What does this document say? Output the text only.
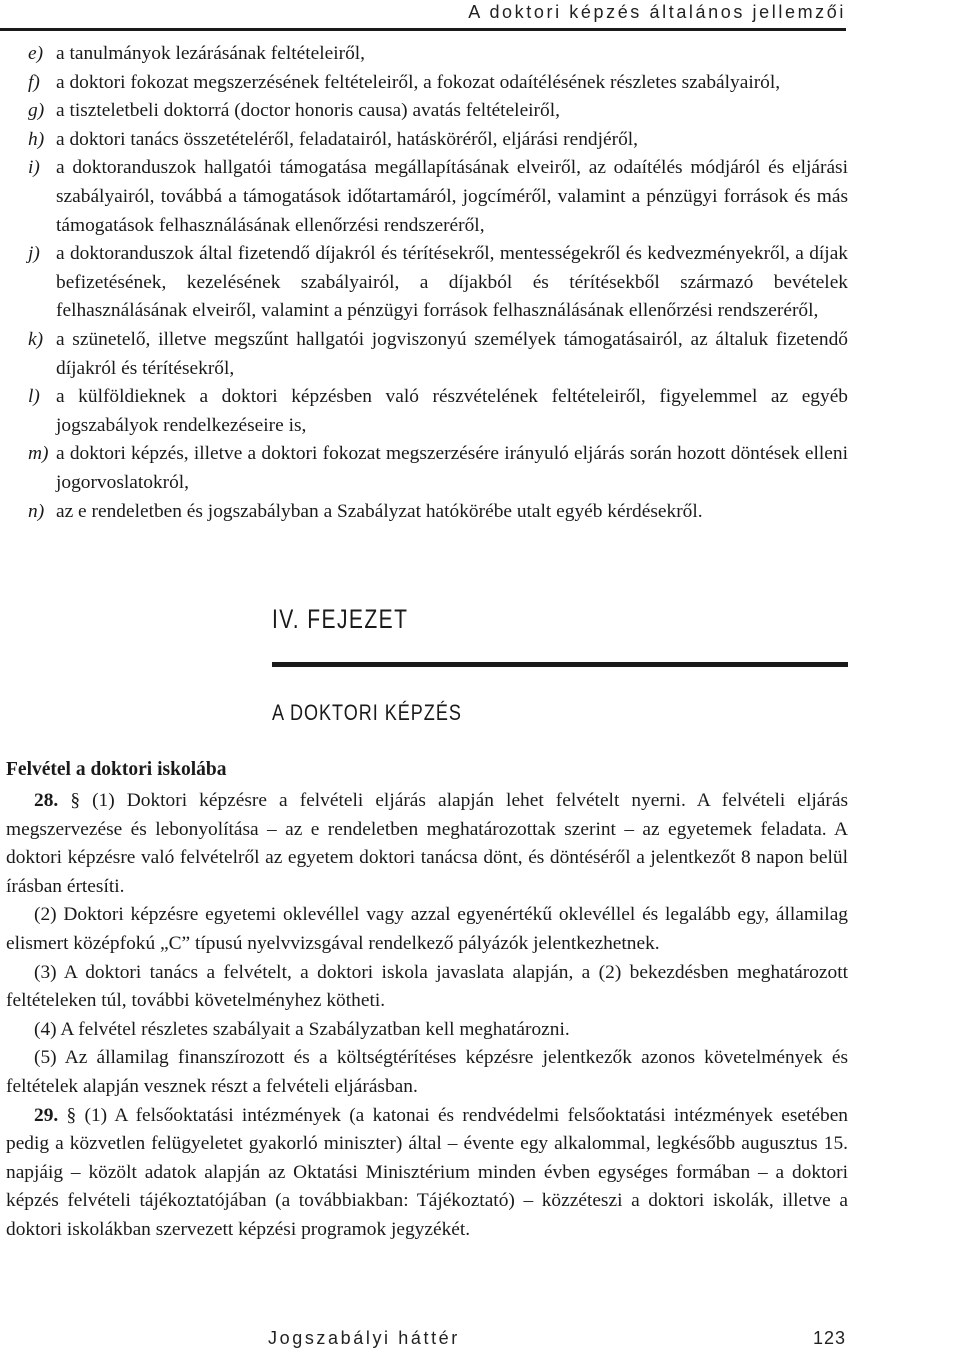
A doktori képzés általános jellemzői
e) a tanulmányok lezárásának feltételeiről,
f) a doktori fokozat megszerzésének feltételeiről, a fokozat odaítélésének részletes szabályairól,
g) a tiszteletbeli doktorrá (doctor honoris causa) avatás feltételeiről,
h) a doktori tanács összetételéről, feladatairól, hatásköréről, eljárási rendjéről,
i) a doktoranduszok hallgatói támogatása megállapításának elveiről, az odaítélés módjáról és eljárási szabályairól, továbbá a támogatások időtartamáról, jogcíméről, valamint a pénzügyi források és más támogatások felhasználásának ellenőrzési rendszeréről,
j) a doktoranduszok által fizetendő díjakról és térítésekről, mentességekről és kedvezményekről, a díjak befizetésének, kezelésének szabályairól, a díjakból és térítésekből származó bevételek felhasználásának elveiről, valamint a pénzügyi források felhasználásának ellenőrzési rendszeréről,
k) a szünetelő, illetve megszűnt hallgatói jogviszonyú személyek támogatásairól, az általuk fizetendő díjakról és térítésekről,
l) a külföldieknek a doktori képzésben való részvételének feltételeiről, figyelemmel az egyéb jogszabályok rendelkezéseire is,
m) a doktori képzés, illetve a doktori fokozat megszerzésére irányuló eljárás során hozott döntések elleni jogorvoslatokról,
n) az e rendeletben és jogszabályban a Szabályzat hatókörébe utalt egyéb kérdésekről.
IV. FEJEZET
A DOKTORI KÉPZÉS
Felvétel a doktori iskolába

28. § (1) Doktori képzésre a felvételi eljárás alapján lehet felvételt nyerni. A felvételi eljárás megszervezése és lebonyolítása – az e rendeletben meghatározottak szerint – az egyetemek feladata. A doktori képzésre való felvételről az egyetem doktori tanácsa dönt, és döntéséről a jelentkezőt 8 napon belül írásban értesíti.

(2) Doktori képzésre egyetemi oklevéllel vagy azzal egyenértékű oklevéllel és legalább egy, államilag elismert középfokú „C” típusú nyelvvizsgával rendelkező pályázók jelentkezhetnek.

(3) A doktori tanács a felvételt, a doktori iskola javaslata alapján, a (2) bekezdésben meghatározott feltételeken túl, további követelményhez kötheti.

(4) A felvétel részletes szabályait a Szabályzatban kell meghatározni.

(5) Az államilag finanszírozott és a költségtérítéses képzésre jelentkezők azonos követelmények és feltételek alapján vesznek részt a felvételi eljárásban.

29. § (1) A felsőoktatási intézmények (a katonai és rendvédelmi felsőoktatási intézmények esetében pedig a közvetlen felügyeletet gyakorló miniszter) által – évente egy alkalommal, legkésőbb augusztus 15. napjáig – közölt adatok alapján az Oktatási Minisztérium minden évben egységes formában – a doktori képzés felvételi tájékoztatójában (a továbbiakban: Tájékoztató) – közzéteszi a doktori iskolák, illetve a doktori iskolákban szervezett képzési programok jegyzékét.

Jogszabályi háttér	123
